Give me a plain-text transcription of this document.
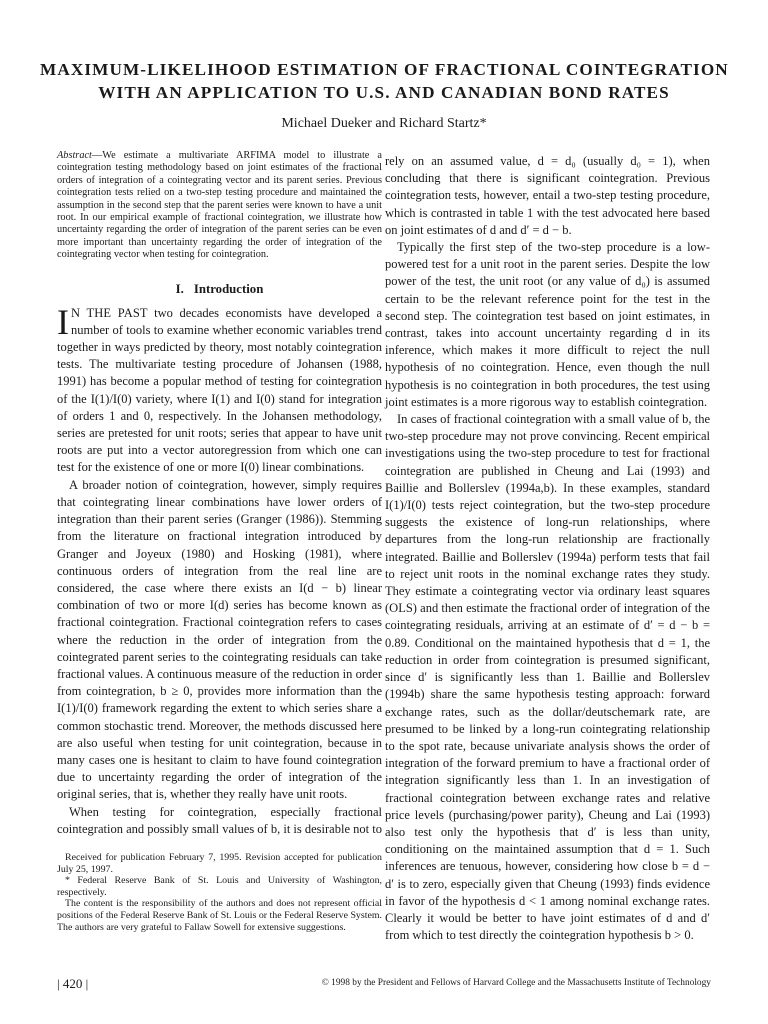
MAXIMUM-LIKELIHOOD ESTIMATION OF FRACTIONAL COINTEGRATION
WITH AN APPLICATION TO U.S. AND CANADIAN BOND RATES
Michael Dueker and Richard Startz*

Abstract—We estimate a multivariate ARFIMA model to illustrate a cointegration testing methodology based on joint estimates of the fractional orders of integration of a cointegrating vector and its parent series. Previous cointegration tests relied on a two-step testing procedure and maintained the assumption in the second step that the parent series were known to have a unit root. In our empirical example of fractional cointegration, we illustrate how uncertainty regarding the order of integration of the parent series can be even more important than uncertainty regarding the order of integration of the cointegrating vector when testing for cointegration.

I. Introduction

I N THE PAST two decades economists have developed a number of tools to examine whether economic variables trend together in ways predicted by theory, most notably cointegration tests. The multivariate testing procedure of Johansen (1988, 1991) has become a popular method of testing for cointegration of the I(1)/I(0) variety, where I(1) and I(0) stand for integration of orders 1 and 0, respectively. In the Johansen methodology, series are pretested for unit roots; series that appear to have unit roots are put into a vector autoregression from which one can test for the existence of one or more I(0) linear combinations.

A broader notion of cointegration, however, simply requires that cointegrating linear combinations have lower orders of integration than their parent series (Granger (1986)). Stemming from the literature on fractional integration introduced by Granger and Joyeux (1980) and Hosking (1981), where continuous orders of integration from the real line are considered, the case where there exists an I(d − b) linear combination of two or more I(d) series has become known as fractional cointegration. Fractional cointegration refers to cases where the reduction in the order of integration from the cointegrated parent series to the cointegrating residuals can take fractional values. A continuous measure of the reduction in order from cointegration, b ≥ 0, provides more information than the I(1)/I(0) framework regarding the extent to which series share a common stochastic trend. Moreover, the methods discussed here are also useful when testing for unit cointegration, because in many cases one is hesitant to claim to have found cointegration due to uncertainty regarding the order of integration of the original series, that is, whether they really have unit roots.

When testing for cointegration, especially fractional cointegration and possibly small values of b, it is desirable not to

rely on an assumed value, d = d₀ (usually d₀ = 1), when concluding that there is significant cointegration. Previous cointegration tests, however, entail a two-step testing procedure, which is contrasted in table 1 with the test advocated here based on joint estimates of d and d′ = d − b.

Typically the first step of the two-step procedure is a low-powered test for a unit root in the parent series. Despite the low power of the test, the unit root (or any value of d₀) is assumed certain to be the relevant reference point for the test in the second step. The cointegration test based on joint estimates, in contrast, takes into account uncertainty regarding d in its inference, which makes it more difficult to reject the null hypothesis of no cointegration. Hence, even though the null hypothesis is no cointegration in both procedures, the test using joint estimates is a more rigorous way to establish cointegration.

In cases of fractional cointegration with a small value of b, the two-step procedure may not prove convincing. Recent empirical investigations using the two-step procedure to test for fractional cointegration are published in Cheung and Lai (1993) and Baillie and Bollerslev (1994a,b). In these examples, standard I(1)/I(0) tests reject cointegration, but the two-step procedure suggests the existence of long-run relationships, where departures from the long-run relationship are fractionally integrated. Baillie and Bollerslev (1994a) perform tests that fail to reject unit roots in the nominal exchange rates they study. They estimate a cointegrating vector via ordinary least squares (OLS) and then estimate the fractional order of integration of the cointegrating residuals, arriving at an estimate of d′ = d − b = 0.89. Conditional on the maintained hypothesis that d = 1, the reduction in order from cointegration is presumed significant, since d′ is significantly less than 1. Baillie and Bollerslev (1994b) share the same hypothesis testing approach: forward exchange rates, such as the dollar/deutschemark rate, are presumed to be linked by a long-run cointegrating relationship to the spot rate, because univariate analysis shows the order of integration of the forward premium to have a fractional order of integration significantly less than 1. In an investigation of fractional cointegration between exchange rates and relative price levels (purchasing/power parity), Cheung and Lai (1993) also test only the hypothesis that d′ is less than unity, conditioning on the maintained assumption that d = 1. Such inferences are tenuous, however, considering how close b = d − d′ is to zero, especially given that Cheung (1993) finds evidence in favor of the hypothesis d < 1 among nominal exchange rates. Clearly it would be better to have joint estimates of d and d′ from which to test directly the cointegration hypothesis b > 0.

Received for publication February 7, 1995. Revision accepted for publication July 25, 1997.

* Federal Reserve Bank of St. Louis and University of Washington, respectively.

The content is the responsibility of the authors and does not represent official positions of the Federal Reserve Bank of St. Louis or the Federal Reserve System. The authors are very grateful to Fallaw Sowell for extensive suggestions.

| 420 |	© 1998 by the President and Fellows of Harvard College and the Massachusetts Institute of Technology
